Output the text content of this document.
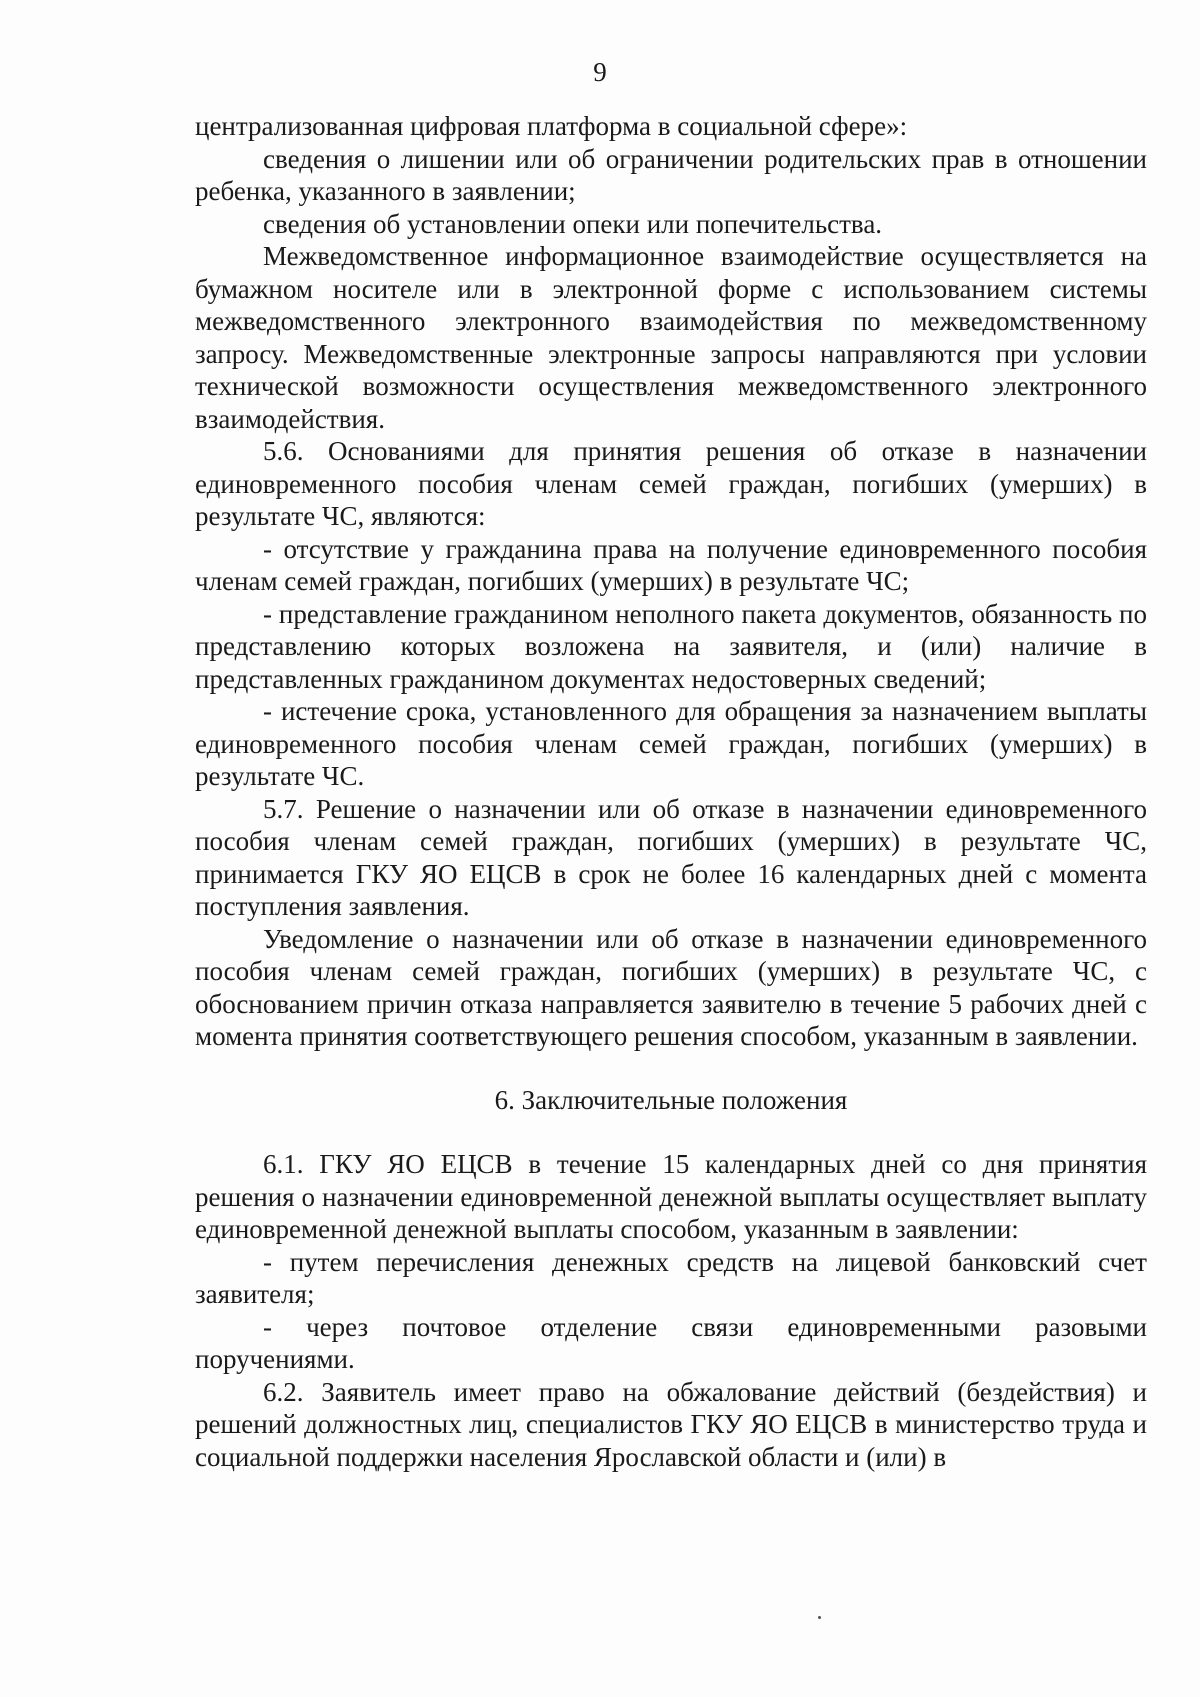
9

централизованная цифровая платформа в социальной сфере»:

сведения о лишении или об ограничении родительских прав в отношении ребенка, указанного в заявлении;

сведения об установлении опеки или попечительства.

Межведомственное информационное взаимодействие осуществляется на бумажном носителе или в электронной форме с использованием системы межведомственного электронного взаимодействия по межведомственному запросу. Межведомственные электронные запросы направляются при условии технической возможности осуществления межведомственного электронного взаимодействия.

5.6. Основаниями для принятия решения об отказе в назначении единовременного пособия членам семей граждан, погибших (умерших) в результате ЧС, являются:

- отсутствие у гражданина права на получение единовременного пособия членам семей граждан, погибших (умерших) в результате ЧС;

- представление гражданином неполного пакета документов, обязанность по представлению которых возложена на заявителя, и (или) наличие в представленных гражданином документах недостоверных сведений;

- истечение срока, установленного для обращения за назначением выплаты единовременного пособия членам семей граждан, погибших (умерших) в результате ЧС.

5.7. Решение о назначении или об отказе в назначении единовременного пособия членам семей граждан, погибших (умерших) в результате ЧС, принимается ГКУ ЯО ЕЦСВ в срок не более 16 календарных дней с момента поступления заявления.

Уведомление о назначении или об отказе в назначении единовременного пособия членам семей граждан, погибших (умерших) в результате ЧС, с обоснованием причин отказа направляется заявителю в течение 5 рабочих дней с момента принятия соответствующего решения способом, указанным в заявлении.

6. Заключительные положения

6.1. ГКУ ЯО ЕЦСВ в течение 15 календарных дней со дня принятия решения о назначении единовременной денежной выплаты осуществляет выплату единовременной денежной выплаты способом, указанным в заявлении:

- путем перечисления денежных средств на лицевой банковский счет заявителя;

- через почтовое отделение связи единовременными разовыми поручениями.

6.2. Заявитель имеет право на обжалование действий (бездействия) и решений должностных лиц, специалистов ГКУ ЯО ЕЦСВ в министерство труда и социальной поддержки населения Ярославской области и (или) в
